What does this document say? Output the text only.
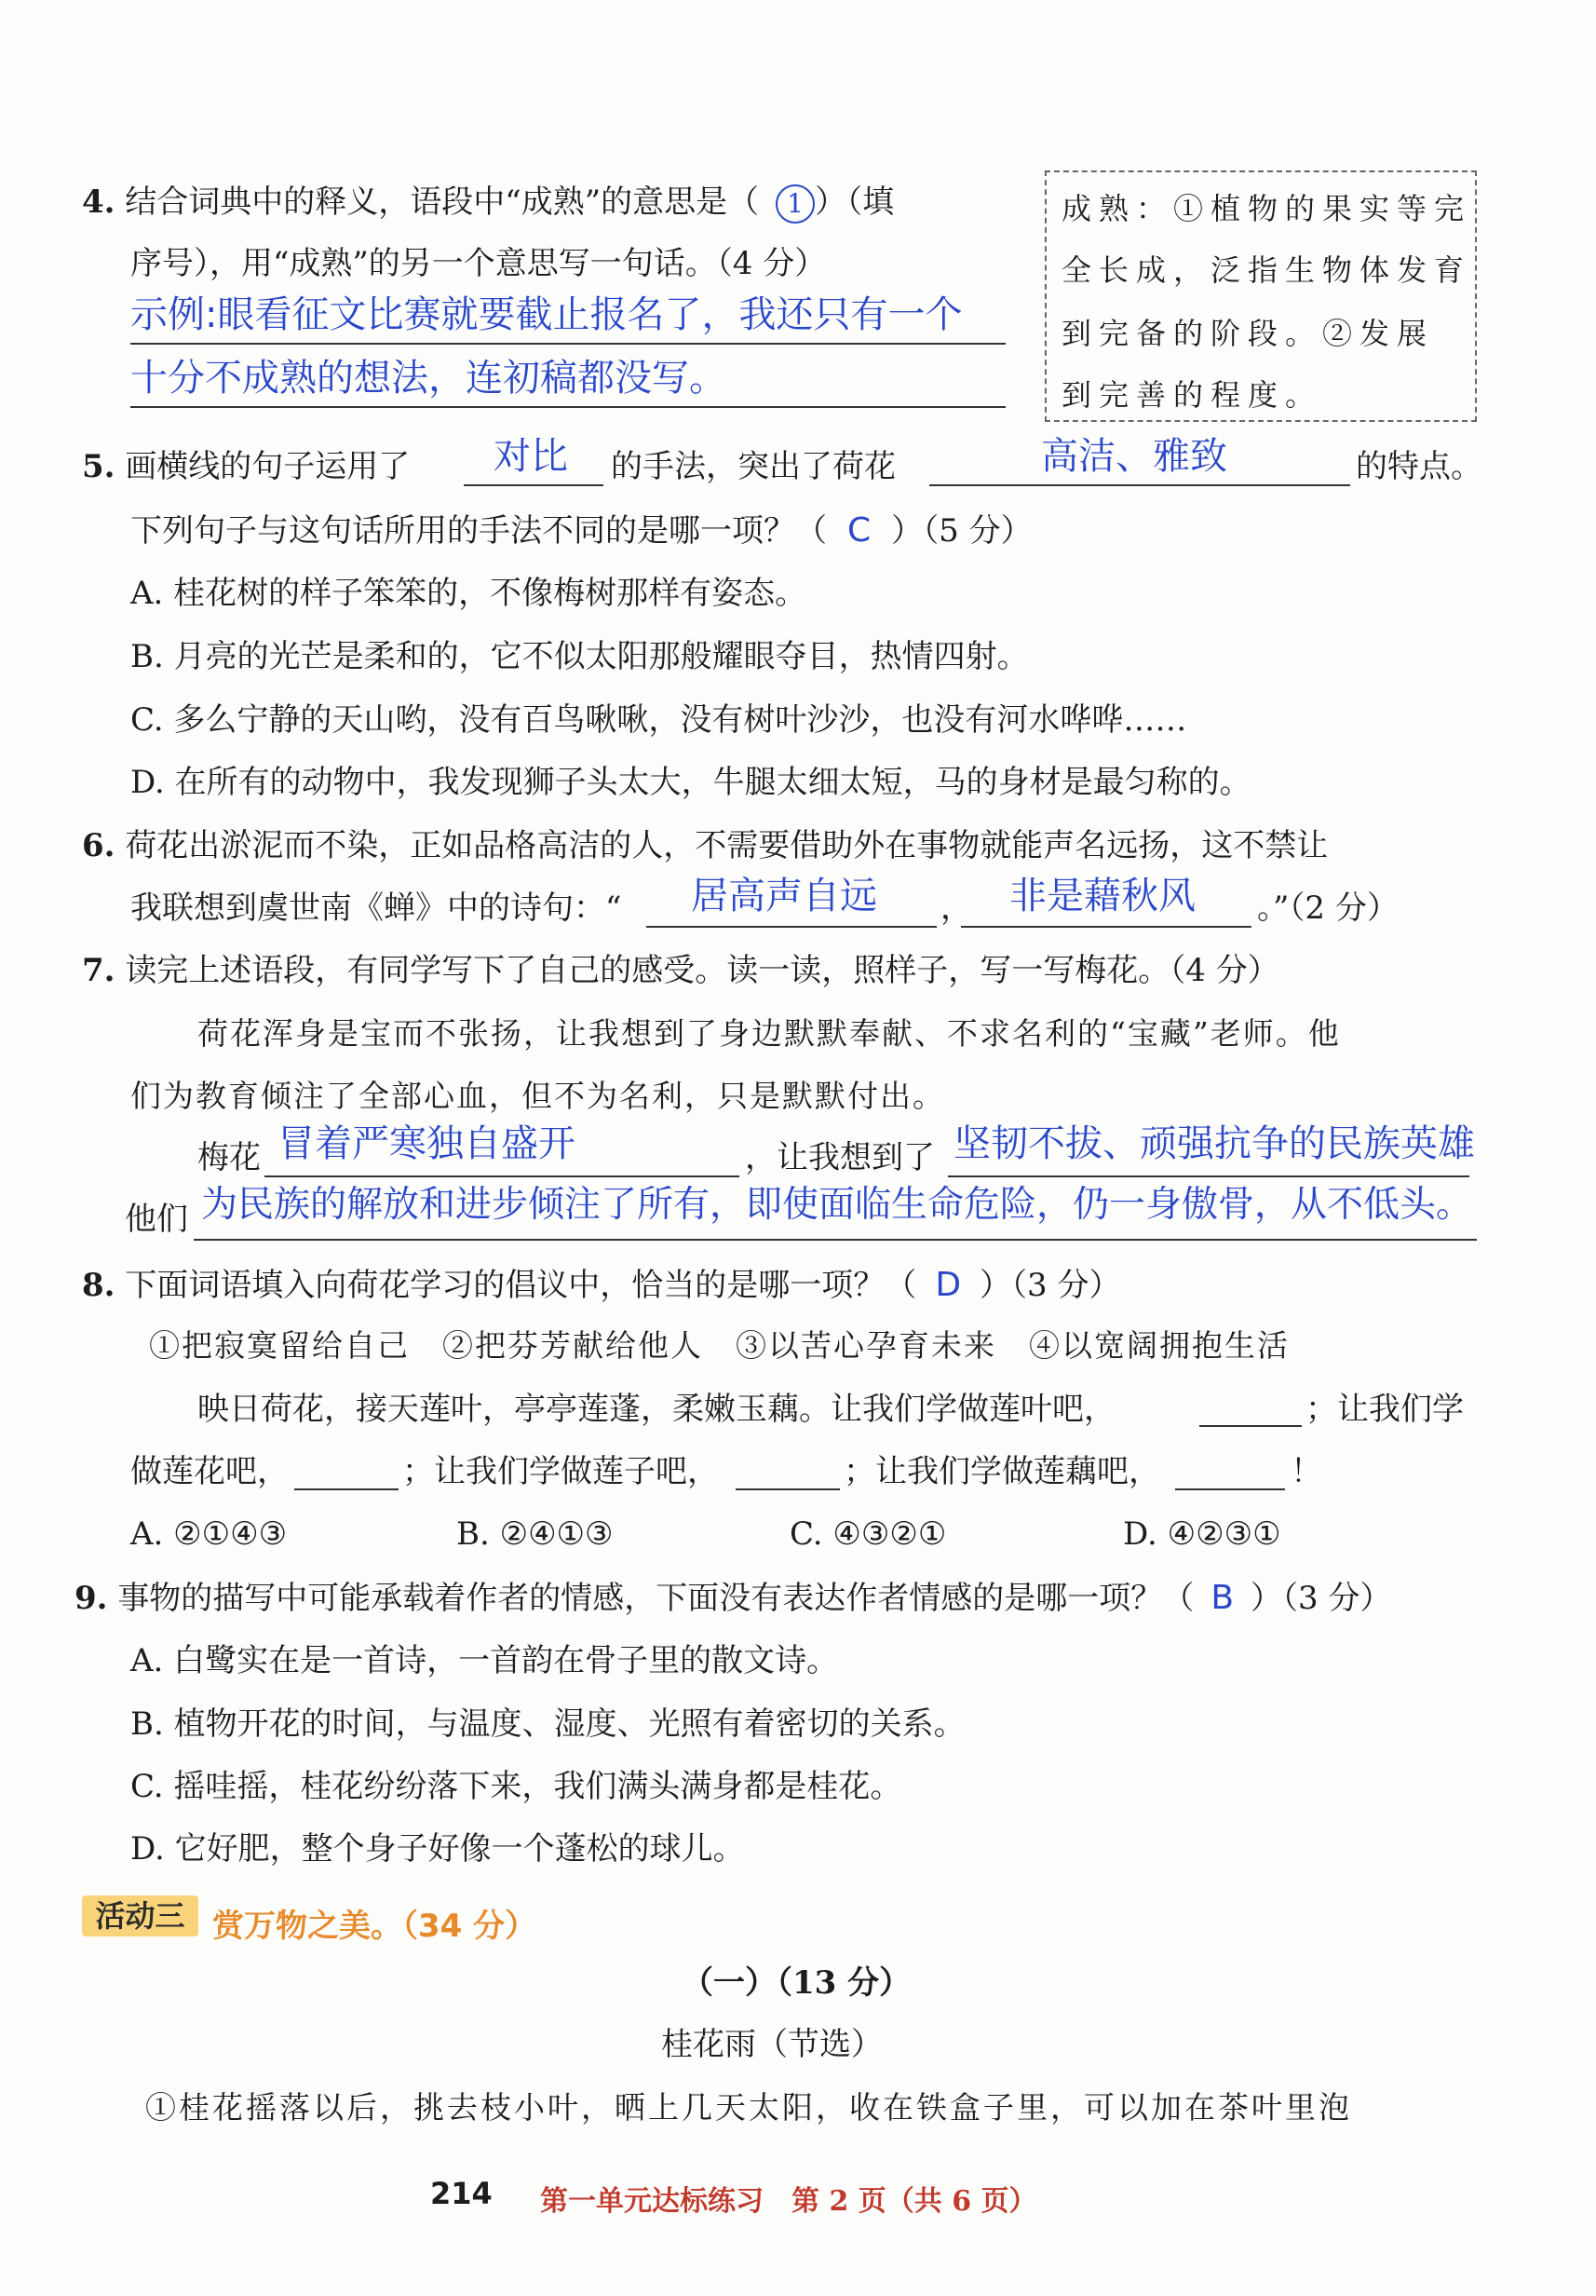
4. 结合词典中的释义，语段中“成熟”的意思是（ 1 ）（填
序号），用“成熟”的另一个意思写一句话。（4 分）
示例:眼看征文比赛就要截止报名了，我还只有一个
十分不成熟的想法，连初稿都没写。
成熟：①植物的果实等完
全长成，泛指生物体发育
到完备的阶段。②发展
到完善的程度。
5. 画横线的句子运用了 对比 的手法，突出了荷花	高洁、雅致	的特点。
下列句子与这句话所用的手法不同的是哪一项？（ C ）（5 分）
A. 桂花树的样子笨笨的，不像梅树那样有姿态。
B. 月亮的光芒是柔和的，它不似太阳那般耀眼夺目，热情四射。
C. 多么宁静的天山哟，没有百鸟啾啾，没有树叶沙沙，也没有河水哗哗……
D. 在所有的动物中，我发现狮子头太大，牛腿太细太短，马的身材是最匀称的。
6. 荷花出淤泥而不染，正如品格高洁的人，不需要借助外在事物就能声名远扬，这不禁让
我联想到虞世南《蝉》中的诗句：“ 居高声自远 ， 非是藉秋风 。”（2 分）
7. 读完上述语段，有同学写下了自己的感受。读一读，照样子，写一写梅花。（4 分）
荷花浑身是宝而不张扬，让我想到了身边默默奉献、不求名利的“宝藏”老师。他
们为教育倾注了全部心血，但不为名利，只是默默付出。
梅花 冒着严寒独自盛开	，让我想到了 坚韧不拔、顽强抗争的民族英雄
他们 为民族的解放和进步倾注了所有，即使面临生命危险，仍一身傲骨，从不低头。
8. 下面词语填入向荷花学习的倡议中，恰当的是哪一项？（ D ）（3 分）
①把寂寞留给自己　②把芬芳献给他人　③以苦心孕育未来　④以宽阔拥抱生活
映日荷花，接天莲叶，亭亭莲蓬，柔嫩玉藕。让我们学做莲叶吧，	；让我们学
做莲花吧，	；让我们学做莲子吧，	；让我们学做莲藕吧，	！
A. ②①④③	B. ②④①③	C. ④③②①	D. ④②③①
9. 事物的描写中可能承载着作者的情感，下面没有表达作者情感的是哪一项？（ B ）（3 分）
A. 白鹭实在是一首诗，一首韵在骨子里的散文诗。
B. 植物开花的时间，与温度、湿度、光照有着密切的关系。
C. 摇哇摇，桂花纷纷落下来，我们满头满身都是桂花。
D. 它好肥，整个身子好像一个蓬松的球儿。
活动三 赏万物之美。（34 分）
（一）（13 分）
桂花雨（节选）
①桂花摇落以后，挑去枝小叶，晒上几天太阳，收在铁盒子里，可以加在茶叶里泡
214 第一单元达标练习　第 2 页（共 6 页）
